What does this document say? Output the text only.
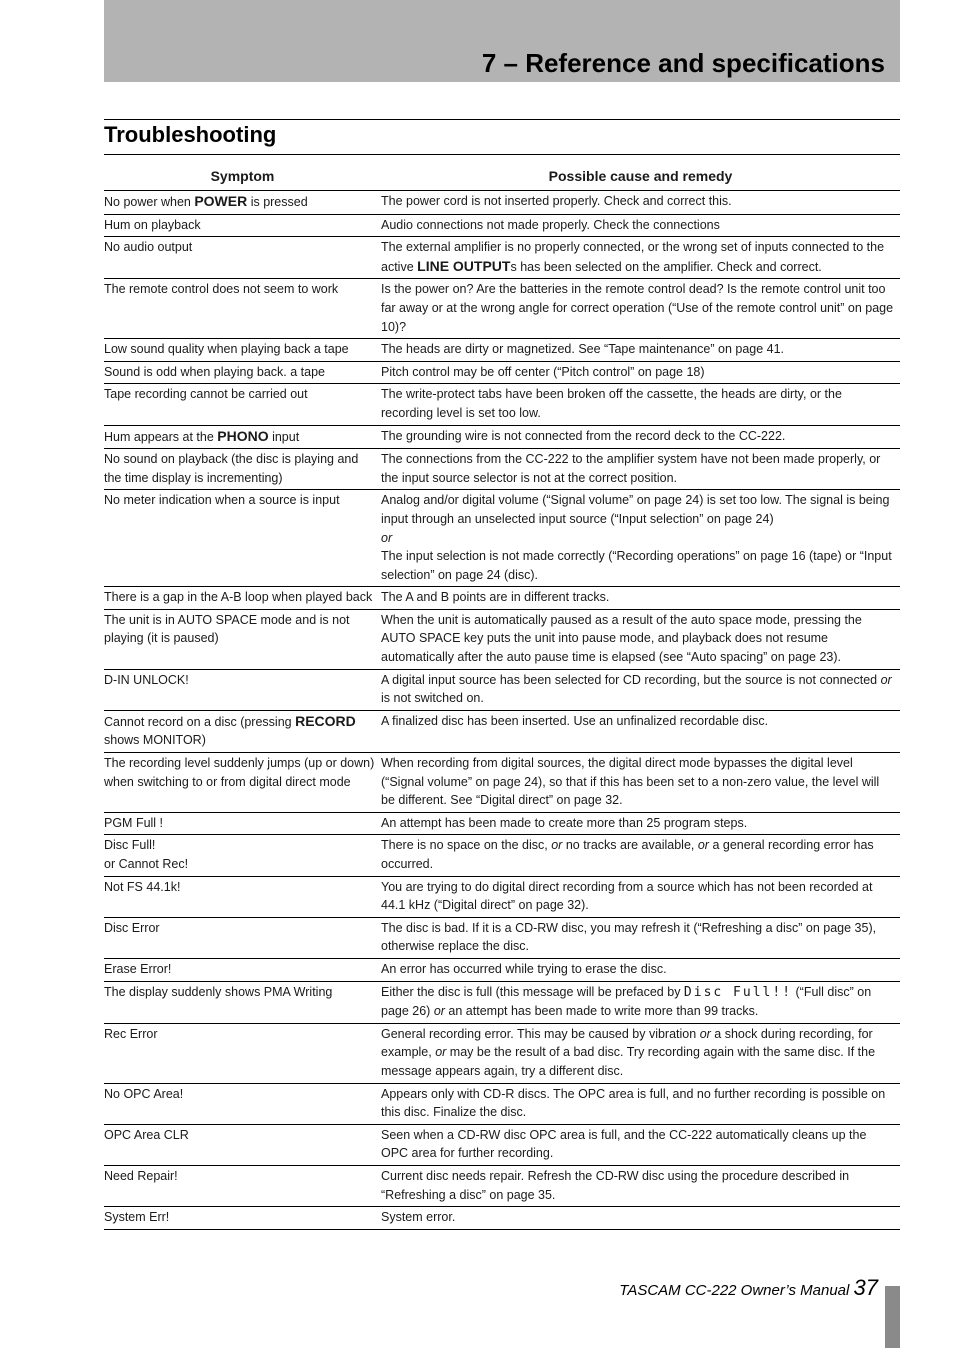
7 – Reference and specifications
Troubleshooting
Symptom	Possible cause and remedy

No power when POWER is pressed	The power cord is not inserted properly. Check and correct this.

Hum on playback	Audio connections not made properly. Check the connections

No audio output	The external amplifier is no properly connected, or the wrong set of inputs connected to the active LINE OUTPUTs has been selected on the amplifier. Check and correct.

The remote control does not seem to work	Is the power on? Are the batteries in the remote control dead? Is the remote control unit too far away or at the wrong angle for correct operation (“Use of the remote control unit” on page 10)?

Low sound quality when playing back a tape	The heads are dirty or magnetized. See “Tape maintenance” on page 41.

Sound is odd when playing back. a tape	Pitch control may be off center (“Pitch control” on page 18)

Tape recording cannot be carried out	The write-protect tabs have been broken off the cassette, the heads are dirty, or the recording level is set too low.

Hum appears at the PHONO input	The grounding wire is not connected from the record deck to the CC-222.

No sound on playback (the disc is playing and the time display is incrementing)	The connections from the CC-222 to the amplifier system have not been made properly, or the input source selector is not at the correct position.

No meter indication when a source is input	Analog and/or digital volume (“Signal volume” on page 24) is set too low. The signal is being input through an unselected input source (“Input selection” on page 24)
or
The input selection is not made correctly (“Recording operations” on page 16 (tape) or “Input selection” on page 24 (disc).

There is a gap in the A-B loop when played back	The A and B points are in different tracks.

The unit is in AUTO SPACE mode and is not playing (it is paused)	When the unit is automatically paused as a result of the auto space mode, pressing the AUTO SPACE key puts the unit into pause mode, and playback does not resume automatically after the auto pause time is elapsed (see “Auto spacing” on page 23).

D-IN UNLOCK!	A digital input source has been selected for CD recording, but the source is not connected or is not switched on.

Cannot record on a disc (pressing RECORD shows MONITOR)	A finalized disc has been inserted. Use an unfinalized recordable disc.

The recording level suddenly jumps (up or down) when switching to or from digital direct mode	When recording from digital sources, the digital direct mode bypasses the digital level (“Signal volume” on page 24), so that if this has been set to a non-zero value, the level will be different. See “Digital direct” on page 32.

PGM Full !	An attempt has been made to create more than 25 program steps.

Disc Full!
or Cannot Rec!	There is no space on the disc, or no tracks are available, or a general recording error has occurred.

Not FS 44.1k!	You are trying to do digital direct recording from a source which has not been recorded at 44.1 kHz (“Digital direct” on page 32).

Disc Error	The disc is bad. If it is a CD-RW disc, you may refresh it (“Refreshing a disc” on page 35), otherwise replace the disc.

Erase Error!	An error has occurred while trying to erase the disc.

The display suddenly shows PMA Writing	Either the disc is full (this message will be prefaced by Disc Full!! (“Full disc” on page 26) or an attempt has been made to write more than 99 tracks.

Rec Error	General recording error. This may be caused by vibration or a shock during recording, for example, or may be the result of a bad disc. Try recording again with the same disc. If the message appears again, try a different disc.

No OPC Area!	Appears only with CD-R discs. The OPC area is full, and no further recording is possible on this disc. Finalize the disc.

OPC Area CLR	Seen when a CD-RW disc OPC area is full, and the CC-222 automatically cleans up the OPC area for further recording.

Need Repair!	Current disc needs repair. Refresh the CD-RW disc using the procedure described in “Refreshing a disc” on page 35.

System Err!	System error.

TASCAM CC-222 Owner’s Manual 37
